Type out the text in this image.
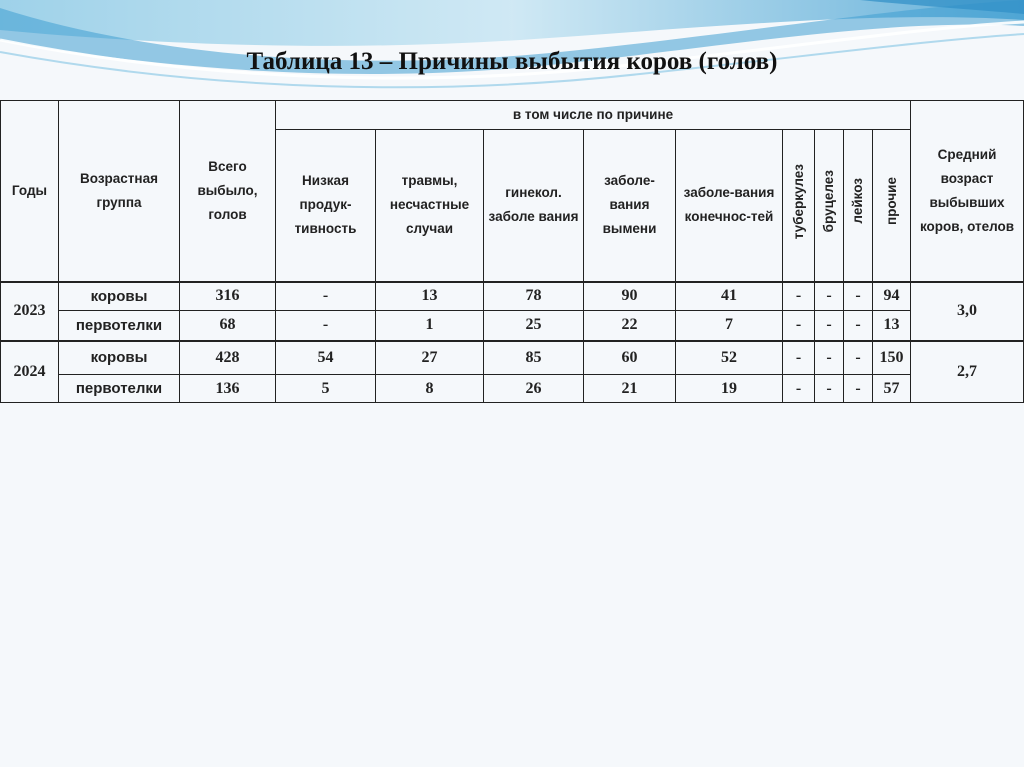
Таблица 13 – Причины выбытия коров (голов)
Годы	Возрастная группа	Всего выбыло, голов	в том числе по причине									Средний возраст выбывших коров, отелов
			Низкая продук-тивность	травмы, несчастные случаи	гинекол. заболе вания	заболе-вания вымени	заболе-вания конечнос-тей	туберкулез	бруцелез	лейкоз	прочие	
2023	коровы	316	-	13	78	90	41	-	-	-	94	3,0
	первотелки	68	-	1	25	22	7	-	-	-	13	
2024	коровы	428	54	27	85	60	52	-	-	-	150	2,7
	первотелки	136	5	8	26	21	19	-	-	-	57	
